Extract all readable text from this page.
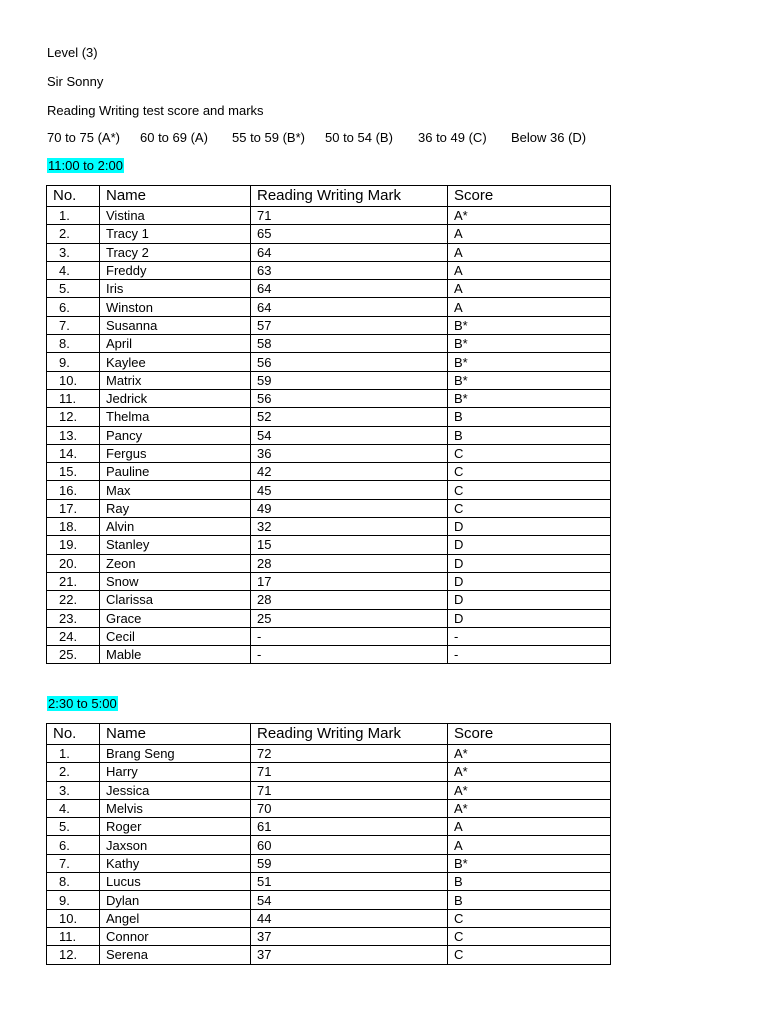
Level (3)
Sir Sonny
Reading Writing test score and marks
70 to 75 (A*) 60 to 69 (A) 55 to 59 (B*) 50 to 54 (B) 36 to 49 (C) Below 36 (D)
11:00 to 2:00
No.	Name	Reading Writing Mark	Score
1.	Vistina	71	A*
2.	Tracy 1	65	A
3.	Tracy 2	64	A
4.	Freddy	63	A
5.	Iris	64	A
6.	Winston	64	A
7.	Susanna	57	B*
8.	April	58	B*
9.	Kaylee	56	B*
10.	Matrix	59	B*
11.	Jedrick	56	B*
12.	Thelma	52	B
13.	Pancy	54	B
14.	Fergus	36	C
15.	Pauline	42	C
16.	Max	45	C
17.	Ray	49	C
18.	Alvin	32	D
19.	Stanley	15	D
20.	Zeon	28	D
21.	Snow	17	D
22.	Clarissa	28	D
23.	Grace	25	D
24.	Cecil	-	-
25.	Mable	-	-
2:30 to 5:00
No.	Name	Reading Writing Mark	Score
1.	Brang Seng	72	A*
2.	Harry	71	A*
3.	Jessica	71	A*
4.	Melvis	70	A*
5.	Roger	61	A
6.	Jaxson	60	A
7.	Kathy	59	B*
8.	Lucus	51	B
9.	Dylan	54	B
10.	Angel	44	C
11.	Connor	37	C
12.	Serena	37	C
